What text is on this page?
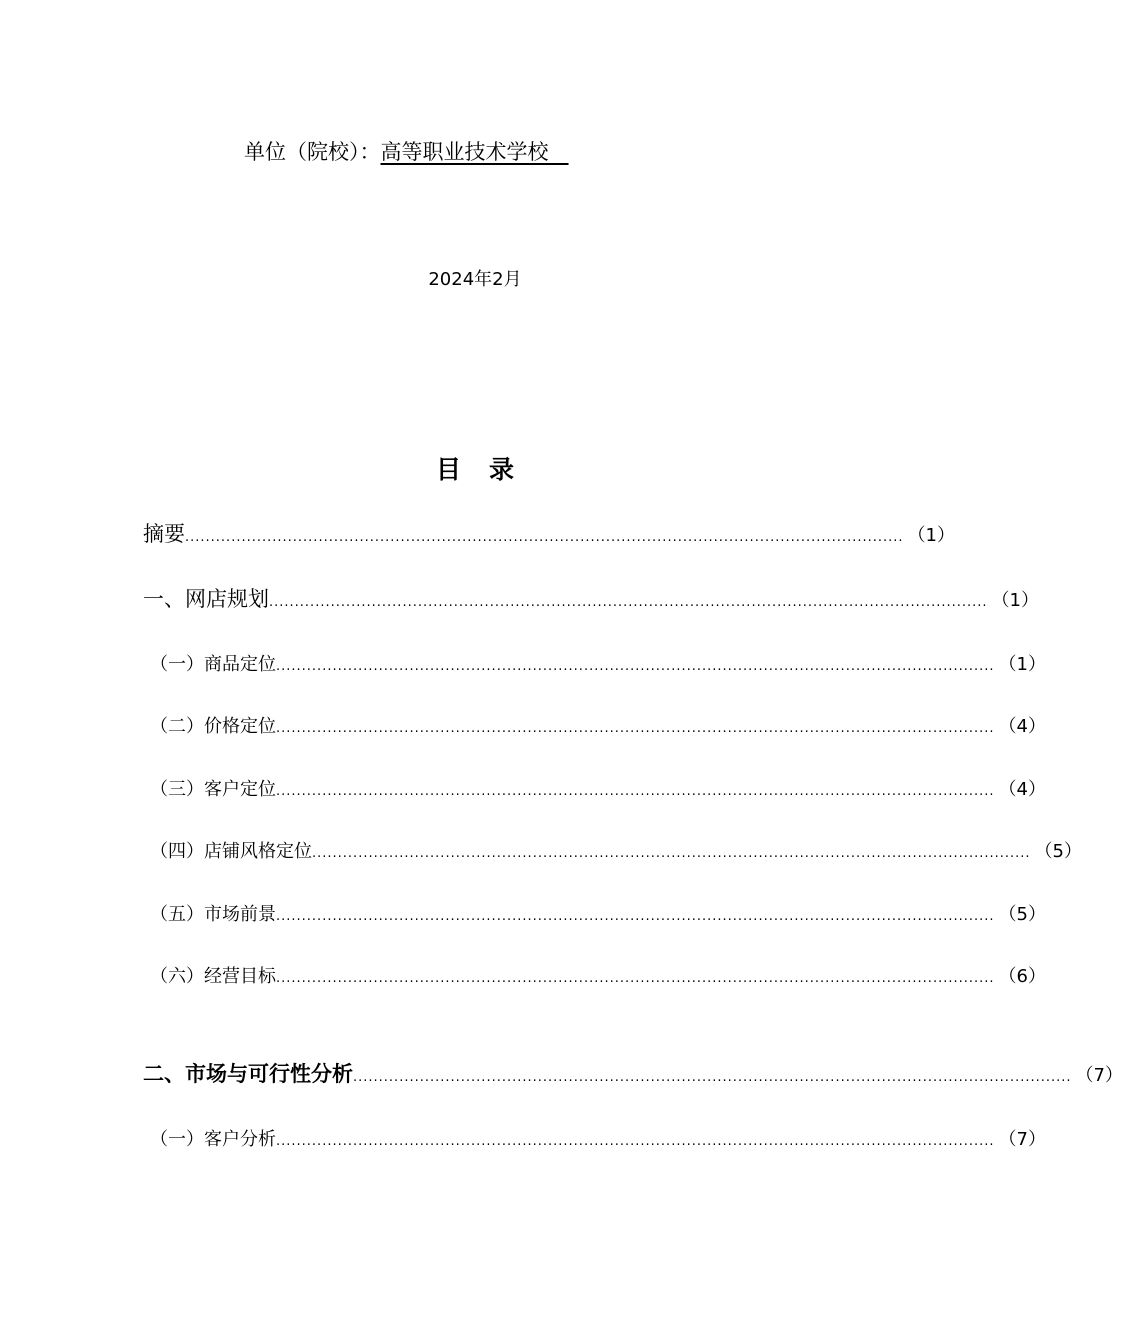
单位（院校）：高等职业技术学校
2024年2月
目录
摘要 ............................................................................................................................................ （1）
一、网店规划 ............................................................................................................................................ （1）
（一）商品定位 ............................................................................................................................................ （1）
（二）价格定位 ............................................................................................................................................ （4）
（三）客户定位 ............................................................................................................................................ （4）
（四）店铺风格定位 ............................................................................................................................................ （5）
（五）市场前景 ............................................................................................................................................ （5）
（六）经营目标 ............................................................................................................................................ （6）
二、市场与可行性分析 ............................................................................................................................................ （7）
（一）客户分析 ............................................................................................................................................ （7）
